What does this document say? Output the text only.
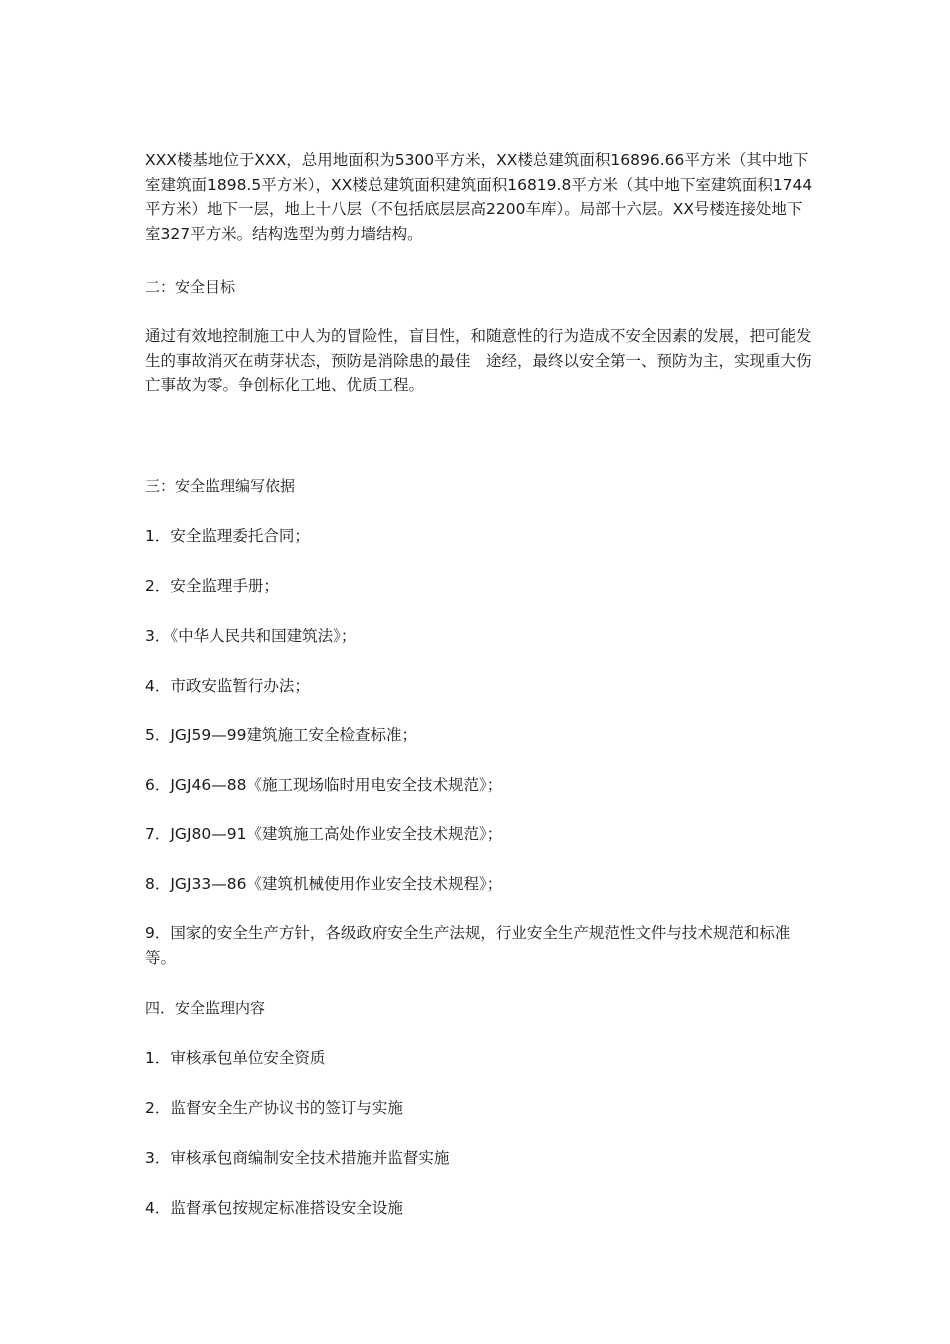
XXX楼基地位于XXX，总用地面积为5300平方米，XX楼总建筑面积16896.66平方米（其中地下室建筑面1898.5平方米），XX楼总建筑面积建筑面积16819.8平方米（其中地下室建筑面积1744平方米）地下一层，地上十八层（不包括底层层高2200车库）。局部十六层。XX号楼连接处地下室327平方米。结构选型为剪力墙结构。

二：安全目标

通过有效地控制施工中人为的冒险性，盲目性，和随意性的行为造成不安全因素的发展，把可能发生的事故消灭在萌芽状态，预防是消除患的最佳　途经，最终以安全第一、预防为主，实现重大伤亡事故为零。争创标化工地、优质工程。

三：安全监理编写依据

1．安全监理委托合同；

2．安全监理手册；

3．《中华人民共和国建筑法》；

4．市政安监暂行办法；

5．JGJ59—99建筑施工安全检查标准；

6．JGJ46—88《施工现场临时用电安全技术规范》；

7．JGJ80—91《建筑施工高处作业安全技术规范》；

8．JGJ33—86《建筑机械使用作业安全技术规程》；

9．国家的安全生产方针，各级政府安全生产法规，行业安全生产规范性文件与技术规范和标准等。

四．安全监理内容

1．审核承包单位安全资质

2．监督安全生产协议书的签订与实施

3．审核承包商编制安全技术措施并监督实施

4．监督承包按规定标准搭设安全设施
